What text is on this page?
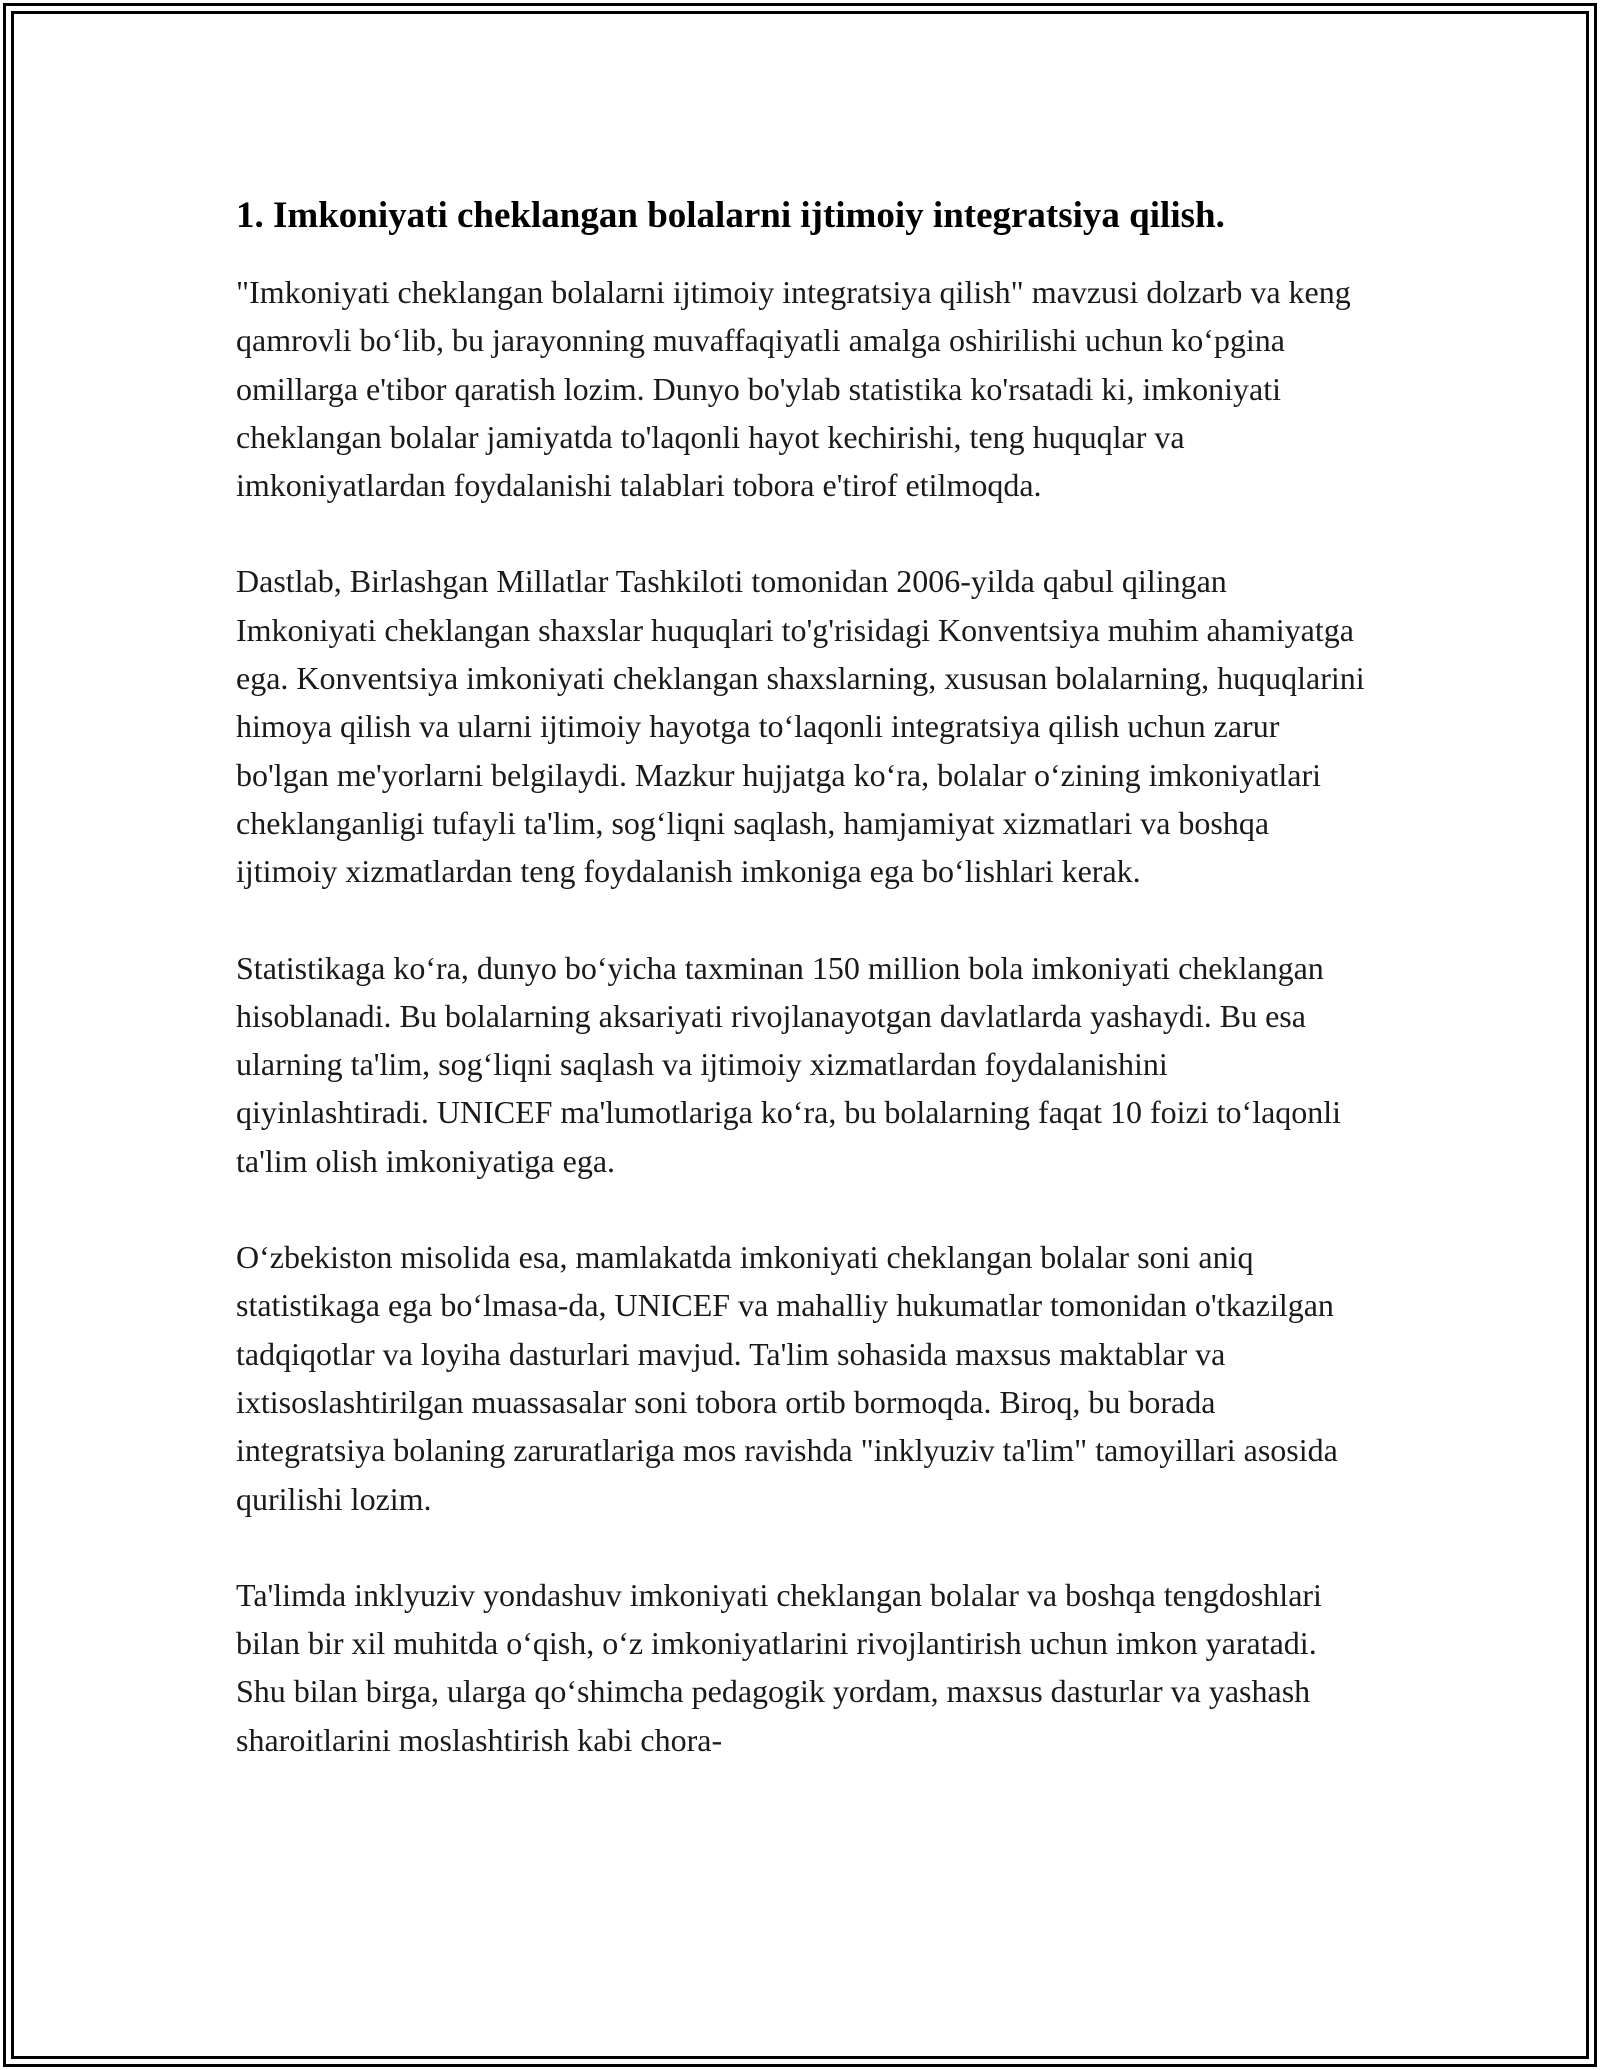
1. Imkoniyati cheklangan bolalarni ijtimoiy integratsiya qilish.

"Imkoniyati cheklangan bolalarni ijtimoiy integratsiya qilish" mavzusi dolzarb va keng qamrovli bo‘lib, bu jarayonning muvaffaqiyatli amalga oshirilishi uchun ko‘pgina omillarga e'tibor qaratish lozim. Dunyo bo'ylab statistika ko'rsatadi ki, imkoniyati cheklangan bolalar jamiyatda to'laqonli hayot kechirishi, teng huquqlar va imkoniyatlardan foydalanishi talablari tobora e'tirof etilmoqda.

Dastlab, Birlashgan Millatlar Tashkiloti tomonidan 2006-yilda qabul qilingan Imkoniyati cheklangan shaxslar huquqlari to'g'risidagi Konventsiya muhim ahamiyatga ega. Konventsiya imkoniyati cheklangan shaxslarning, xususan bolalarning, huquqlarini himoya qilish va ularni ijtimoiy hayotga to‘laqonli integratsiya qilish uchun zarur bo'lgan me'yorlarni belgilaydi. Mazkur hujjatga ko‘ra, bolalar o‘zining imkoniyatlari cheklanganligi tufayli ta'lim, sog‘liqni saqlash, hamjamiyat xizmatlari va boshqa ijtimoiy xizmatlardan teng foydalanish imkoniga ega bo‘lishlari kerak.

Statistikaga ko‘ra, dunyo bo‘yicha taxminan 150 million bola imkoniyati cheklangan hisoblanadi. Bu bolalarning aksariyati rivojlanayotgan davlatlarda yashaydi. Bu esa ularning ta'lim, sog‘liqni saqlash va ijtimoiy xizmatlardan foydalanishini qiyinlashtiradi. UNICEF ma'lumotlariga ko‘ra, bu bolalarning faqat 10 foizi to‘laqonli ta'lim olish imkoniyatiga ega.

O‘zbekiston misolida esa, mamlakatda imkoniyati cheklangan bolalar soni aniq statistikaga ega bo‘lmasa-da, UNICEF va mahalliy hukumatlar tomonidan o'tkazilgan tadqiqotlar va loyiha dasturlari mavjud. Ta'lim sohasida maxsus maktablar va ixtisoslashtirilgan muassasalar soni tobora ortib bormoqda. Biroq, bu borada integratsiya bolaning zaruratlariga mos ravishda "inklyuziv ta'lim" tamoyillari asosida qurilishi lozim.

Ta'limda inklyuziv yondashuv imkoniyati cheklangan bolalar va boshqa tengdoshlari bilan bir xil muhitda o‘qish, o‘z imkoniyatlarini rivojlantirish uchun imkon yaratadi. Shu bilan birga, ularga qo‘shimcha pedagogik yordam, maxsus dasturlar va yashash sharoitlarini moslashtirish kabi chora-
